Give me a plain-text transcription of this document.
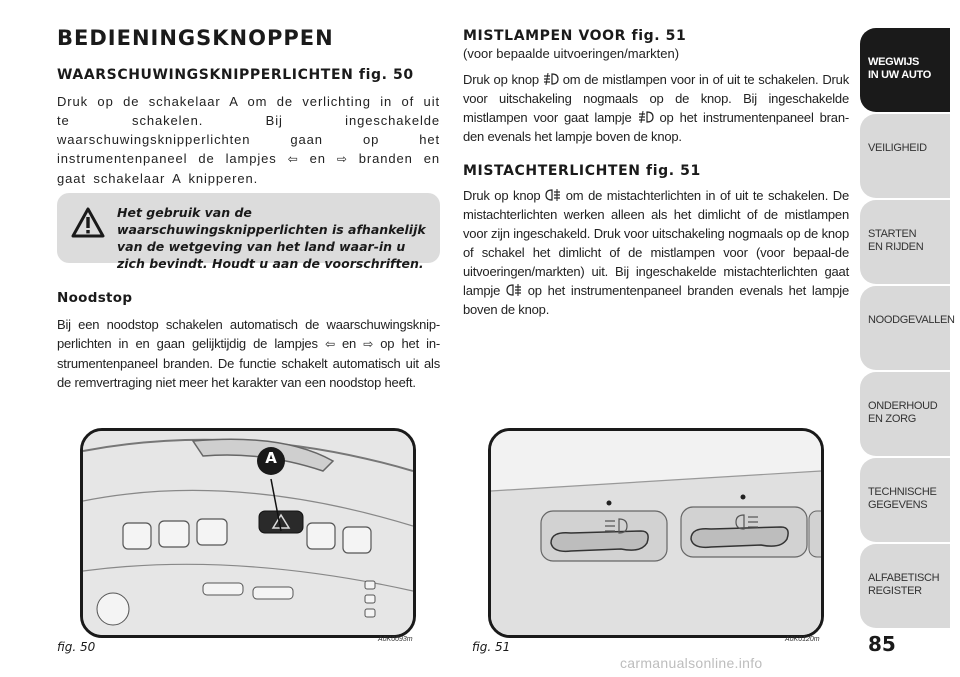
BEDIENINGSKNOPPEN
WAARSCHUWINGSKNIPPERLICHTEN fig. 50
Druk op de schakelaar A om de verlichting in of uit te schakelen. Bij ingeschakelde waarschuwingsknipperlichten gaan op het instrumentenpaneel de lampjes ⇦ en ⇨ branden en gaat schakelaar A knipperen.
Het gebruik van de waarschuwingsknipperlichten is afhankelijk van de wetgeving van het land waar-in u zich bevindt. Houdt u aan de voorschriften.
Noodstop
Bij een noodstop schakelen automatisch de waarschuwingsknip-perlichten in en gaan gelijktijdig de lampjes ⇦ en ⇨ op het in-strumentenpaneel branden. De functie schakelt automatisch uit als de remvertraging niet meer het karakter van een noodstop heeft.
MISTLAMPEN VOOR fig. 51
(voor bepaalde uitvoeringen/markten)
Druk op knop om de mistlampen voor in of uit te schakelen. Druk voor uitschakeling nogmaals op de knop. Bij ingeschakelde mistlampen voor gaat lampje op het instrumentenpaneel bran-den evenals het lampje boven de knop.
MISTACHTERLICHTEN fig. 51
Druk op knop om de mistachterlichten in of uit te schakelen. De mistachterlichten werken alleen als het dimlicht of de mistlampen voor zijn ingeschakeld. Druk voor uitschakeling nogmaals op de knop of schakel het dimlicht of de mistlampen voor (voor bepaal-de uitvoeringen/markten) uit. Bij ingeschakelde mistachterlichten gaat lampje op het instrumentenpaneel branden evenals het lampje boven de knop.
A
fig. 50
A0K0093m
fig. 51
A0K0120m
WEGWIJS
IN UW AUTO
VEILIGHEID
STARTEN
EN RIJDEN
NOODGEVALLEN
ONDERHOUD
EN ZORG
TECHNISCHE
GEGEVENS
ALFABETISCH
REGISTER
85
carmanualsonline.info
